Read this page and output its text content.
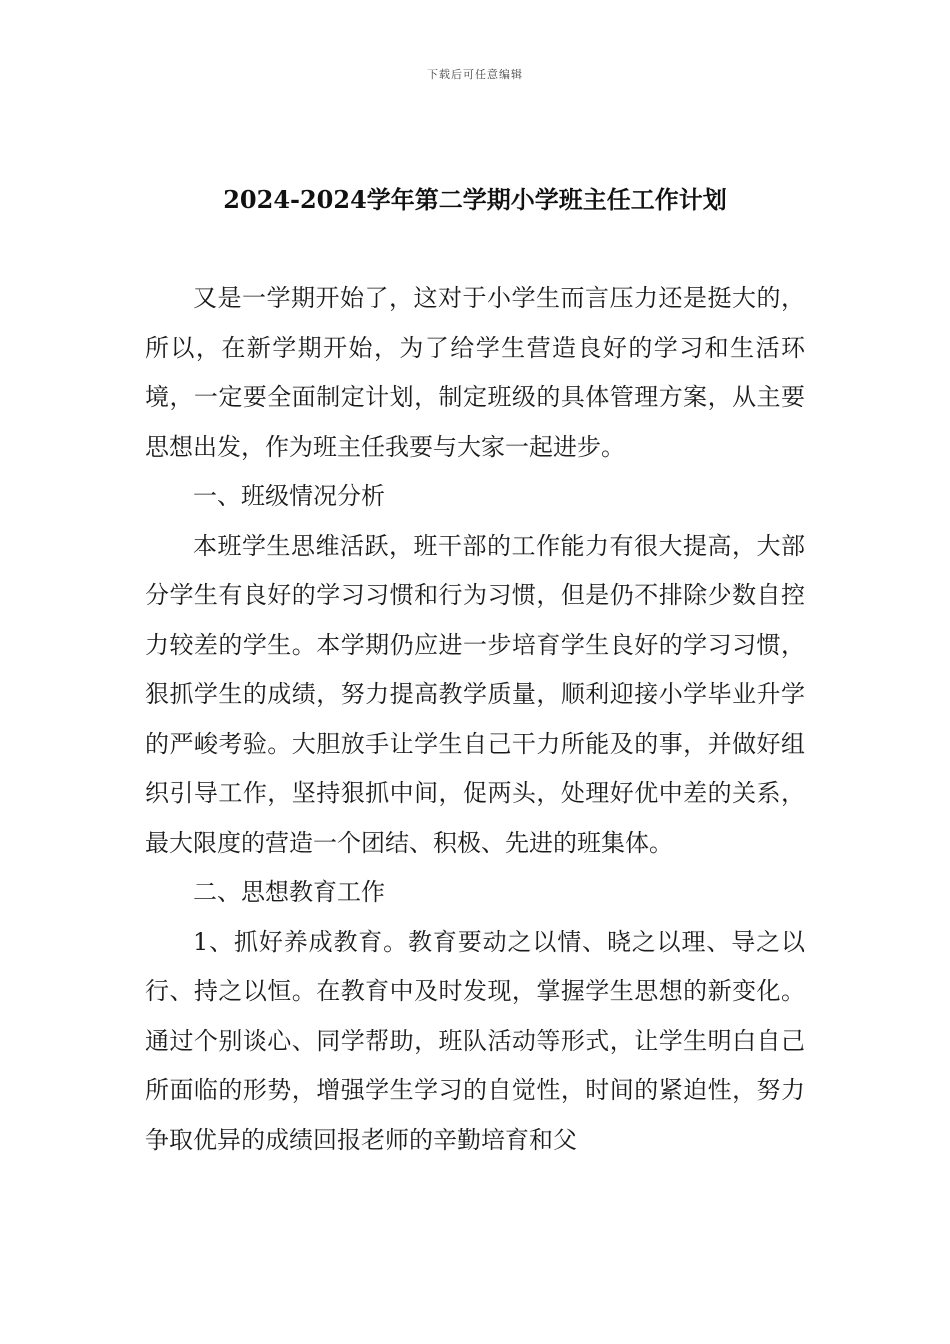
下载后可任意编辑
2024-2024学年第二学期小学班主任工作计划

又是一学期开始了，这对于小学生而言压力还是挺大的，所以，在新学期开始，为了给学生营造良好的学习和生活环境，一定要全面制定计划，制定班级的具体管理方案，从主要思想出发，作为班主任我要与大家一起进步。

一、班级情况分析

本班学生思维活跃，班干部的工作能力有很大提高，大部分学生有良好的学习习惯和行为习惯，但是仍不排除少数自控力较差的学生。本学期仍应进一步培育学生良好的学习习惯，狠抓学生的成绩，努力提高教学质量，顺利迎接小学毕业升学的严峻考验。大胆放手让学生自己干力所能及的事，并做好组织引导工作，坚持狠抓中间，促两头，处理好优中差的关系，最大限度的营造一个团结、积极、先进的班集体。

二、思想教育工作

1、抓好养成教育。教育要动之以情、晓之以理、导之以行、持之以恒。在教育中及时发现，掌握学生思想的新变化。通过个别谈心、同学帮助，班队活动等形式，让学生明白自己所面临的形势，增强学生学习的自觉性，时间的紧迫性，努力争取优异的成绩回报老师的辛勤培育和父
